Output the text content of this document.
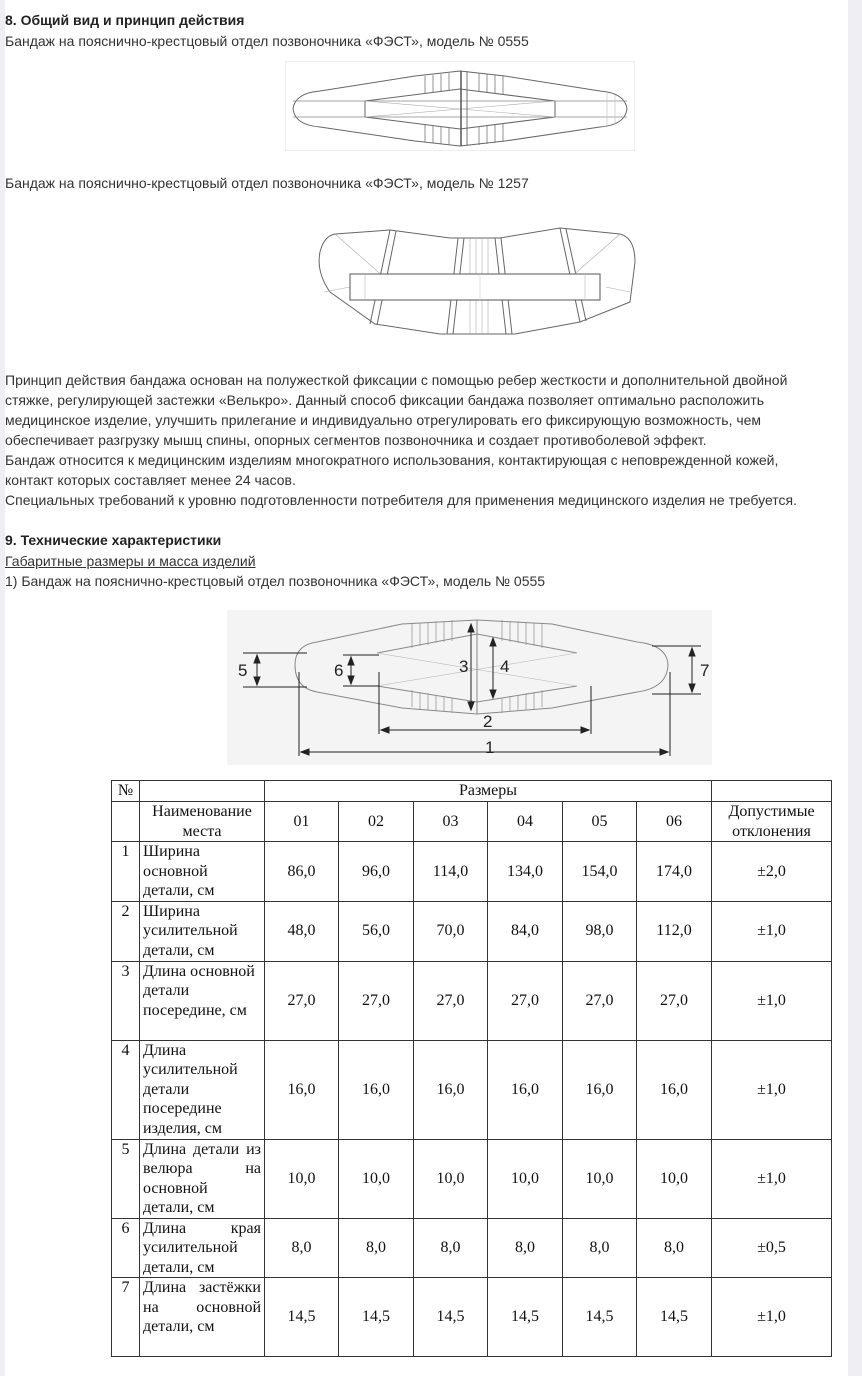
8. Общий вид и принцип действия
Бандаж на пояснично-крестцовый отдел позвоночника «ФЭСТ», модель № 0555
Бандаж на пояснично-крестцовый отдел позвоночника «ФЭСТ», модель № 1257
Принцип действия бандажа основан на полужесткой фиксации с помощью ребер жесткости и дополнительной двойной
стяжке, регулирующей застежки «Велькро». Данный способ фиксации бандажа позволяет оптимально расположить
медицинское изделие, улучшить прилегание и индивидуально отрегулировать его фиксирующую возможность, чем
обеспечивает разгрузку мышц спины, опорных сегментов позвоночника и создает противоболевой эффект.
Бандаж относится к медицинским изделиям многократного использования, контактирующая с неповрежденной кожей,
контакт которых составляет менее 24 часов.
Специальных требований к уровню подготовленности потребителя для применения медицинского изделия не требуется.
9. Технические характеристики
Габаритные размеры и масса изделий
1) Бандаж на пояснично-крестцовый отдел позвоночника «ФЭСТ», модель № 0555
1
2
3 4
5	6	7
№		Размеры						
	Наименование места	01	02	03	04	05	06	Допустимые отклонения
1	Ширина основной детали, см	86,0	96,0	114,0	134,0	154,0	174,0	±2,0
2	Ширина усилительной детали, см	48,0	56,0	70,0	84,0	98,0	112,0	±1,0
3	Длина основной детали посередине, см	27,0	27,0	27,0	27,0	27,0	27,0	±1,0
4	Длина усилительной детали посередине изделия, см	16,0	16,0	16,0	16,0	16,0	16,0	±1,0
5	Длина детали из велюра на основной детали, см	10,0	10,0	10,0	10,0	10,0	10,0	±1,0
6	Длина края усилительной детали, см	8,0	8,0	8,0	8,0	8,0	8,0	±0,5
7	Длина застёжки на основной детали, см	14,5	14,5	14,5	14,5	14,5	14,5	±1,0
